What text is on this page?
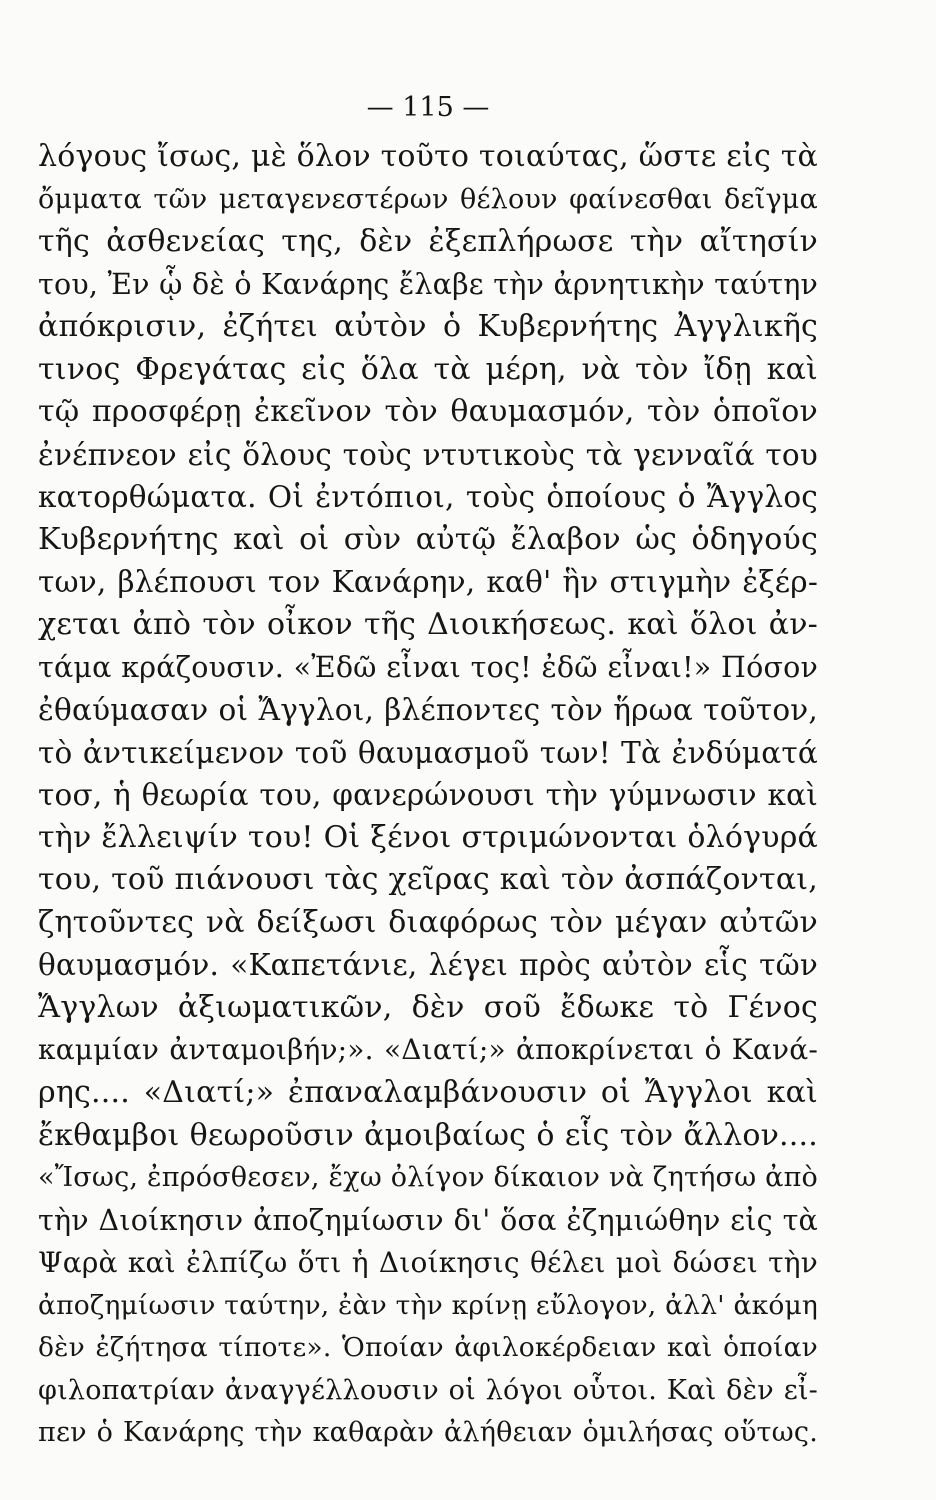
— 115 —
λόγους ἴσως, μὲ ὅλον τοῦτο τοιαύτας, ὥστε εἰς τὰ
ὄμματα τῶν μεταγενεστέρων θέλουν φαίνεσθαι δεῖγμα
τῆς ἀσθενείας της, δὲν ἐξεπλήρωσε τὴν αἴτησίν
του, Ἐν ᾧ δὲ ὁ Κανάρης ἔλαβε τὴν ἀρνητικὴν ταύτην
ἀπόκρισιν, ἐζήτει αὐτὸν ὁ Κυβερνήτης Ἀγγλικῆς
τινος Φρεγάτας εἰς ὅλα τὰ μέρη, νὰ τὸν ἴδῃ καὶ
τῷ προσφέρῃ ἐκεῖνον τὸν θαυμασμόν, τὸν ὁποῖον
ἐνέπνεον εἰς ὅλους τοὺς ντυτικοὺς τὰ γενναῖά του
κατορθώματα. Οἱ ἐντόπιοι, τοὺς ὁποίους ὁ Ἄγγλος
Κυβερνήτης καὶ οἱ σὺν αὐτῷ ἔλαβον ὡς ὁδηγούς
των, βλέπουσι τον Κανάρην, καθ' ἣν στιγμὴν ἐξέρ-
χεται ἀπὸ τὸν οἶκον τῆς Διοικήσεως. καὶ ὅλοι ἀν-
τάμα κράζουσιν. «Ἐδῶ εἶναι τος! ἐδῶ εἶναι!» Πόσον
ἐθαύμασαν οἱ Ἄγγλοι, βλέποντες τὸν ἥρωα τοῦτον,
τὸ ἀντικείμενον τοῦ θαυμασμοῦ των! Τὰ ἐνδύματά
τοσ, ἡ θεωρία του, φανερώνουσι τὴν γύμνωσιν καὶ
τὴν ἔλλειψίν του! Οἱ ξένοι στριμώνονται ὁλόγυρά
του, τοῦ πιάνουσι τὰς χεῖρας καὶ τὸν ἀσπάζονται,
ζητοῦντες νὰ δείξωσι διαφόρως τὸν μέγαν αὐτῶν
θαυμασμόν. «Καπετάνιε, λέγει πρὸς αὐτὸν εἷς τῶν
Ἄγγλων ἀξιωματικῶν, δὲν σοῦ ἔδωκε τὸ Γένος
καμμίαν ἀνταμοιβήν;». «Διατί;» ἀποκρίνεται ὁ Κανά-
ρης.... «Διατί;» ἐπαναλαμβάνουσιν οἱ Ἄγγλοι καὶ
ἔκθαμβοι θεωροῦσιν ἀμοιβαίως ὁ εἷς τὸν ἄλλον....
«Ἴσως, ἐπρόσθεσεν, ἔχω ὀλίγον δίκαιον νὰ ζητήσω ἀπὸ
τὴν Διοίκησιν ἀποζημίωσιν δι' ὅσα ἐζημιώθην εἰς τὰ
Ψαρὰ καὶ ἐλπίζω ὅτι ἡ Διοίκησις θέλει μοὶ δώσει τὴν
ἀποζημίωσιν ταύτην, ἐὰν τὴν κρίνῃ εὔλογον, ἀλλ' ἀκόμη
δὲν ἐζήτησα τίποτε». Ὁποίαν ἀφιλοκέρδειαν καὶ ὁποίαν
φιλοπατρίαν ἀναγγέλλουσιν οἱ λόγοι οὗτοι. Καὶ δὲν εἶ-
πεν ὁ Κανάρης τὴν καθαρὰν ἀλήθειαν ὁμιλήσας οὕτως.
